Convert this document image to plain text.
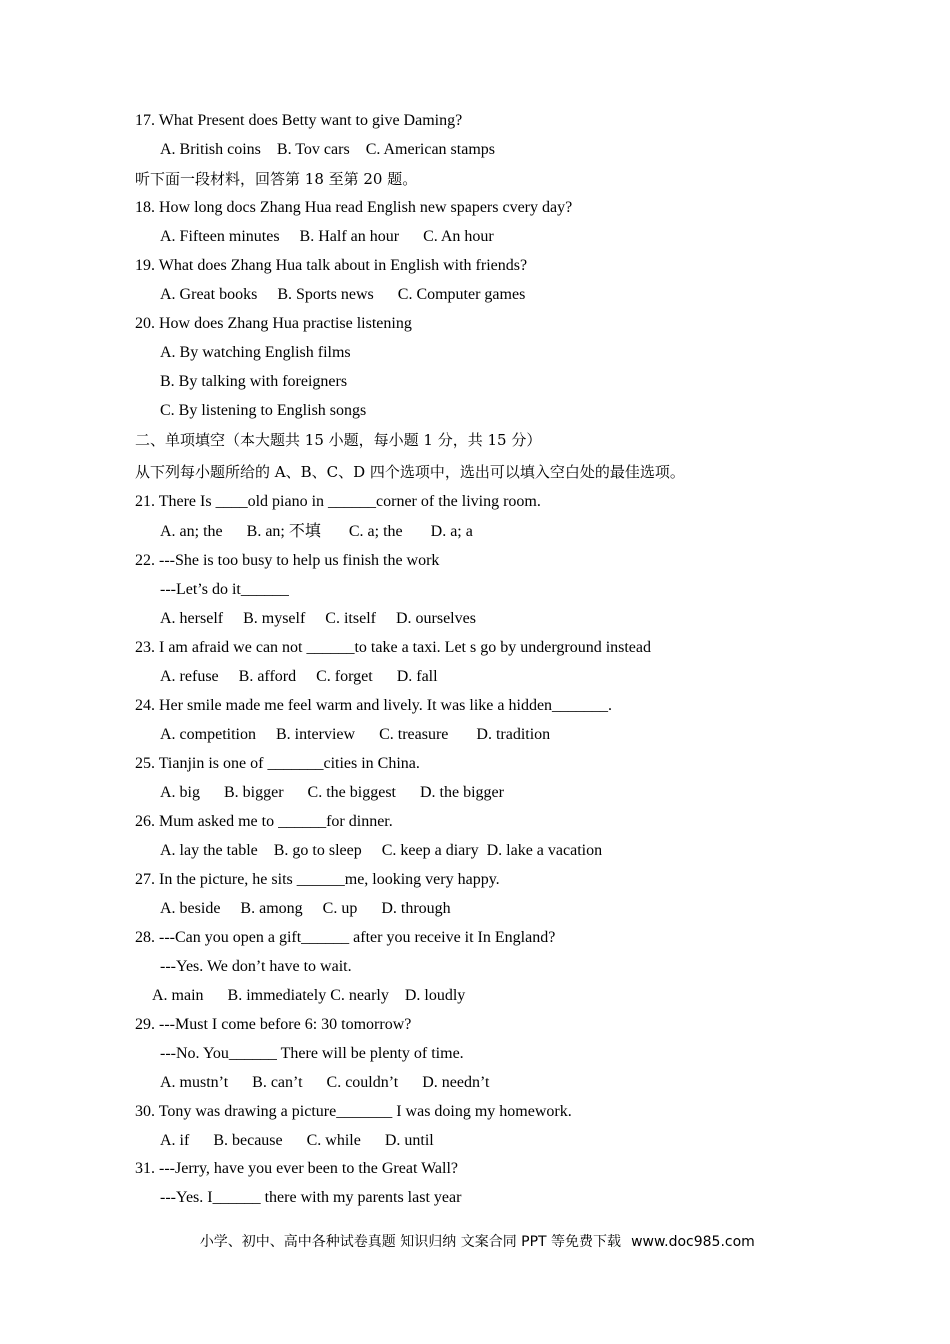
17. What Present does Betty want to give Daming?
A. British coins    B. Tov cars    C. American stamps
听下面一段材料，回答第 18 至第 20 题。
18. How long docs Zhang Hua read English new spapers cvery day?
A. Fifteen minutes     B. Half an hour      C. An hour
19. What does Zhang Hua talk about in English with friends?
A. Great books     B. Sports news      C. Computer games
20. How does Zhang Hua practise listening
A. By watching English films
B. By talking with foreigners
C. By listening to English songs
二、单项填空（本大题共 15 小题，每小题 1 分，共 15 分）
从下列每小题所给的 A、B、C、D 四个选项中，选出可以填入空白处的最佳选项。
21. There Is ____old piano in ______corner of the living room.
A. an; the      B. an; 不填       C. a; the       D. a; a
22. ---She is too busy to help us finish the work
---Let’s do it______
A. herself     B. myself     C. itself     D. ourselves
23. I am afraid we can not ______to take a taxi. Let s go by underground instead
A. refuse     B. afford     C. forget      D. fall
24. Her smile made me feel warm and lively. It was like a hidden_______.
A. competition     B. interview      C. treasure       D. tradition
25. Tianjin is one of _______cities in China.
A. big      B. bigger      C. the biggest      D. the bigger
26. Mum asked me to ______for dinner.
A. lay the table    B. go to sleep     C. keep a diary  D. lake a vacation
27. In the picture, he sits ______me, looking very happy.
A. beside     B. among     C. up      D. through
28. ---Can you open a gift______ after you receive it In England?
---Yes. We don’t have to wait.
A. main      B. immediately C. nearly    D. loudly
29. ---Must I come before 6: 30 tomorrow?
---No. You______ There will be plenty of time.
A. mustn’t      B. can’t      C. couldn’t      D. needn’t
30. Tony was drawing a picture_______ I was doing my homework.
A. if      B. because      C. while      D. until
31. ---Jerry, have you ever been to the Great Wall?
---Yes. I______ there with my parents last year

小学、初中、高中各种试卷真题 知识归纳 文案合同 PPT 等免费下载 www.doc985.com
